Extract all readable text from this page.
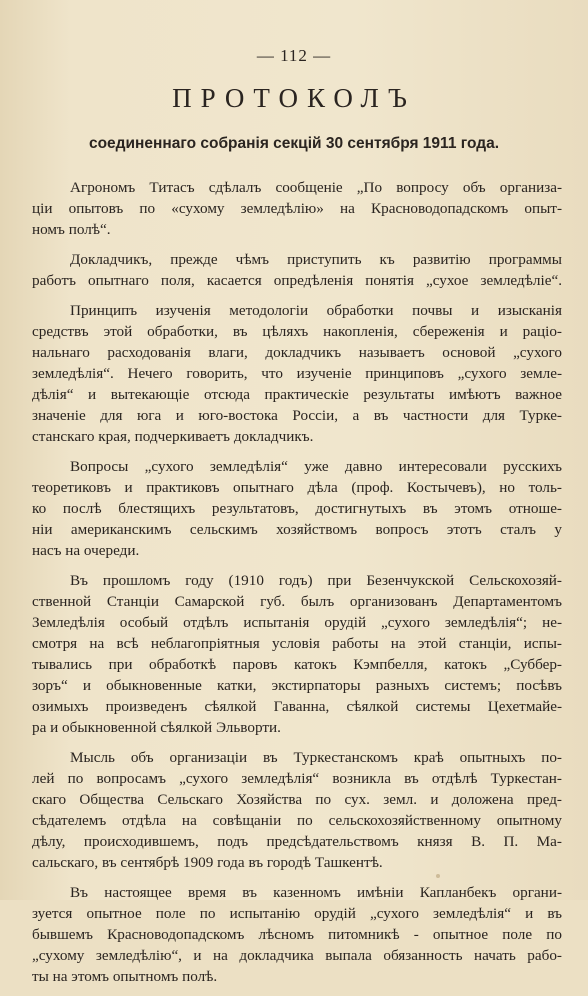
— 112 —
ПРОТОКОЛЪ
соединеннаго собранія секцій 30 сентября 1911 года.
Агрономъ Титасъ сдѣлалъ сообщеніе „По вопросу объ организа-
ціи опытовъ по «сухому земледѣлію» на Красноводопадскомъ опыт-
номъ полѣ“.
Докладчикъ, прежде чѣмъ приступить къ развитію программы
работъ опытнаго поля, касается опредѣленія понятія „сухое земледѣліе“.
Принципъ изученія методологіи обработки почвы и изысканія
средствъ этой обработки, въ цѣляхъ накопленія, сбереженія и раціо-
нальнаго расходованія влаги, докладчикъ называетъ основой „сухого
земледѣлія“. Нечего говорить, что изученіе принциповъ „сухого земле-
дѣлія“ и вытекающіе отсюда практическіе результаты имѣютъ важное
значеніе для юга и юго-востока Россіи, а въ частности для Турке-
станскаго края, подчеркиваетъ докладчикъ.
Вопросы „сухого земледѣлія“ уже давно интересовали русскихъ
теоретиковъ и практиковъ опытнаго дѣла (проф. Костычевъ), но толь-
ко послѣ блестящихъ результатовъ, достигнутыхъ въ этомъ отноше-
ніи американскимъ сельскимъ хозяйствомъ вопросъ этотъ сталъ у
насъ на очереди.
Въ прошломъ году (1910 годъ) при Безенчукской Сельскохозяй-
ственной Станціи Самарской губ. былъ организованъ Департаментомъ
Земледѣлія особый отдѣлъ испытанія орудій „сухого земледѣлія“; не-
смотря на всѣ неблагопріятныя условія работы на этой станціи, испы-
тывались при обработкѣ паровъ катокъ Кэмпбелля, катокъ „Суббер-
зоръ“ и обыкновенные катки, экстирпаторы разныхъ системъ; посѣвъ
озимыхъ произведенъ сѣялкой Гаванна, сѣялкой системы Цехетмайе-
ра и обыкновенной сѣялкой Эльворти.
Мысль объ организаціи въ Туркестанскомъ краѣ опытныхъ по-
лей по вопросамъ „сухого земледѣлія“ возникла въ отдѣлѣ Туркестан-
скаго Общества Сельскаго Хозяйства по сух. земл. и доложена пред-
сѣдателемъ отдѣла на совѣщаніи по сельскохозяйственному опытному
дѣлу, происходившемъ, подъ предсѣдательствомъ князя В. П. Ма-
сальскаго, въ сентябрѣ 1909 года въ городѣ Ташкентѣ.
Въ настоящее время въ казенномъ имѣніи Капланбекъ органи-
зуется опытное поле по испытанію орудій „сухого земледѣлія“ и въ
бывшемъ Красноводопадскомъ лѣсномъ питомникѣ - опытное поле по
„сухому земледѣлію“, и на докладчика выпала обязанность начать рабо-
ты на этомъ опытномъ полѣ.
